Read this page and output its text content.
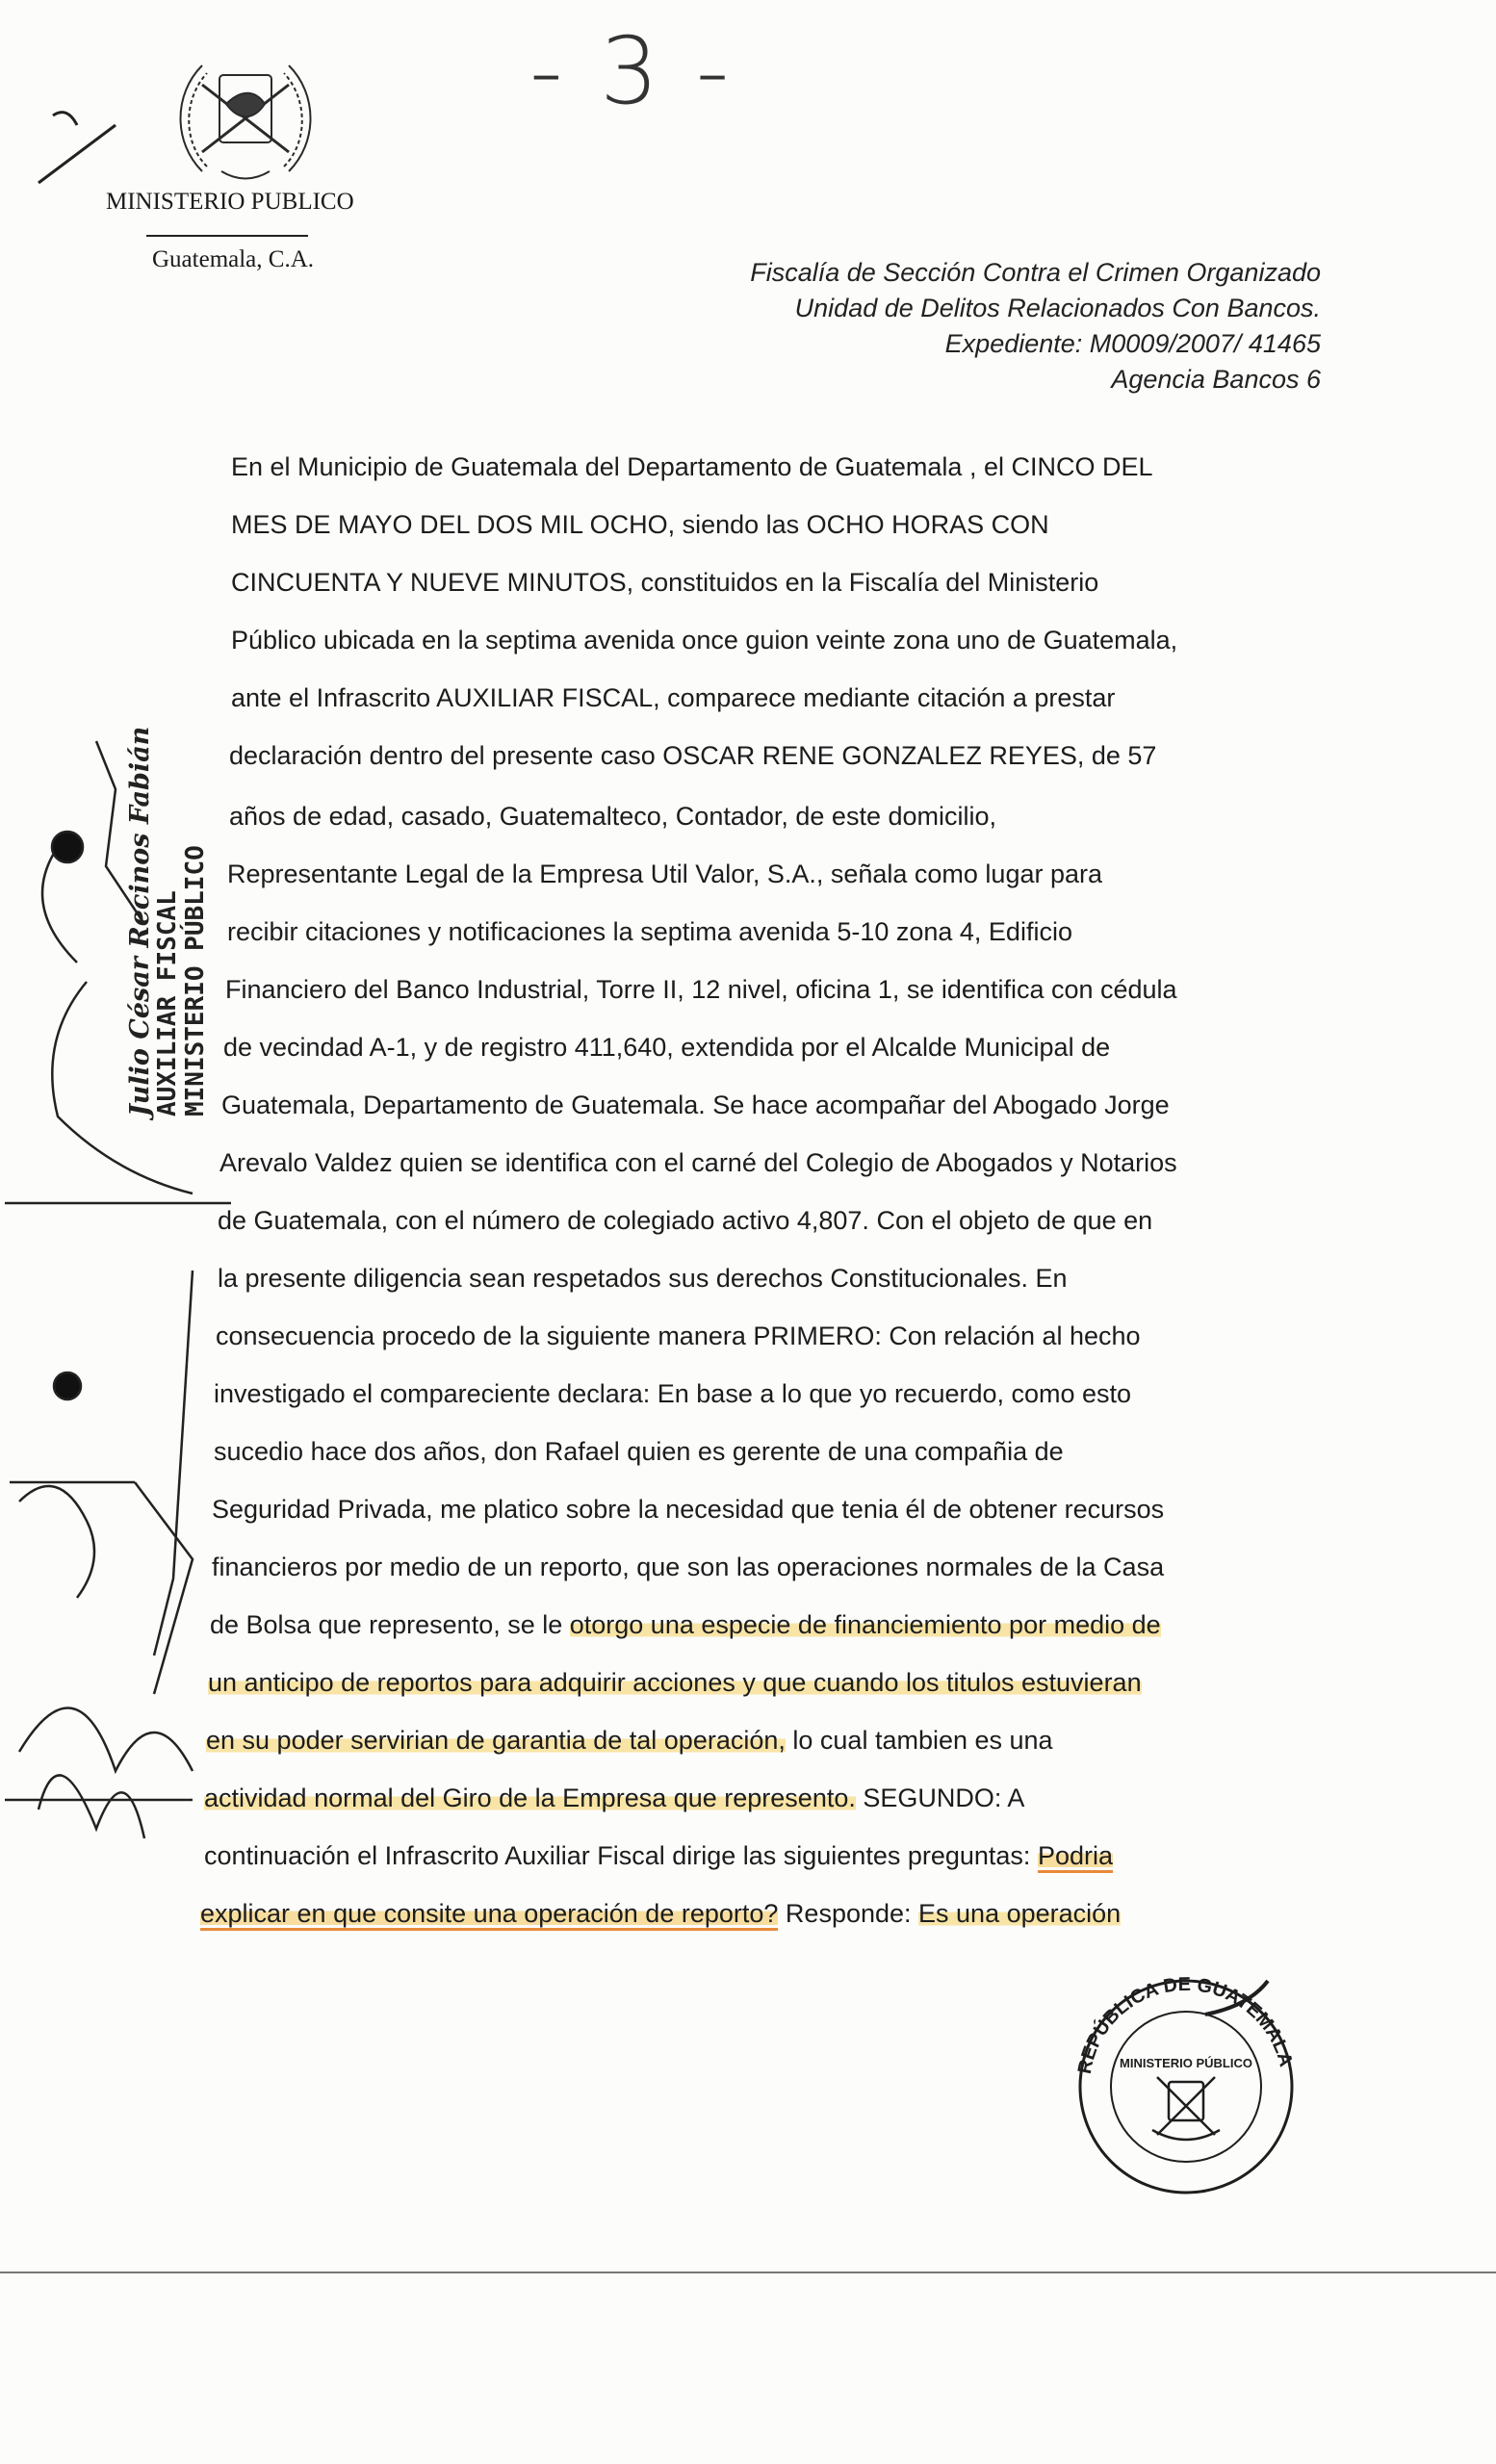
MINISTERIO PUBLICO
Guatemala, C.A.
- 3 -
Fiscalía de Sección Contra el Crimen Organizado
Unidad de Delitos Relacionados Con Bancos.
Expediente: M0009/2007/ 41465
Agencia Bancos 6
En el Municipio de Guatemala del Departamento de Guatemala , el CINCO DEL
MES DE MAYO DEL DOS MIL OCHO, siendo las OCHO HORAS CON
CINCUENTA Y NUEVE MINUTOS, constituidos en la Fiscalía del Ministerio
Público ubicada en la septima avenida once guion veinte zona uno de Guatemala,
ante el Infrascrito AUXILIAR FISCAL, comparece mediante citación a prestar
declaración dentro del presente caso OSCAR RENE GONZALEZ REYES, de 57
años de edad, casado, Guatemalteco, Contador, de este domicilio,
Representante Legal de la Empresa Util Valor, S.A., señala como lugar para
recibir citaciones y notificaciones la septima avenida 5-10 zona 4, Edificio
Financiero del Banco Industrial, Torre II, 12 nivel, oficina 1, se identifica con cédula
de vecindad A-1, y de registro 411,640, extendida por el Alcalde Municipal de
Guatemala, Departamento de Guatemala. Se hace acompañar del Abogado Jorge
Arevalo Valdez quien se identifica con el carné del Colegio de Abogados y Notarios
de Guatemala, con el número de colegiado activo 4,807. Con el objeto de que en
la presente diligencia sean respetados sus derechos Constitucionales. En
consecuencia procedo de la siguiente manera PRIMERO: Con relación al hecho
investigado el compareciente declara: En base a lo que yo recuerdo, como esto
sucedio hace dos años, don Rafael quien es gerente de una compañia de
Seguridad Privada, me platico sobre la necesidad que tenia él de obtener recursos
financieros por medio de un reporto, que son las operaciones normales de la Casa
de Bolsa que represento, se le otorgo una especie de financiemiento por medio de
un anticipo de reportos para adquirir acciones y que cuando los titulos estuvieran
en su poder servirian de garantia de tal operación, lo cual tambien es una
actividad normal del Giro de la Empresa que represento. SEGUNDO: A
continuación el Infrascrito Auxiliar Fiscal dirige las siguientes preguntas: Podria
explicar en que consite una operación de reporto? Responde: Es una operación
Julio César Recinos Fabián
AUXILIAR FISCAL MINISTERIO PÚBLICO
REPÚBLICA DE GUATEMALA
MINISTERIO PÚBLICO
